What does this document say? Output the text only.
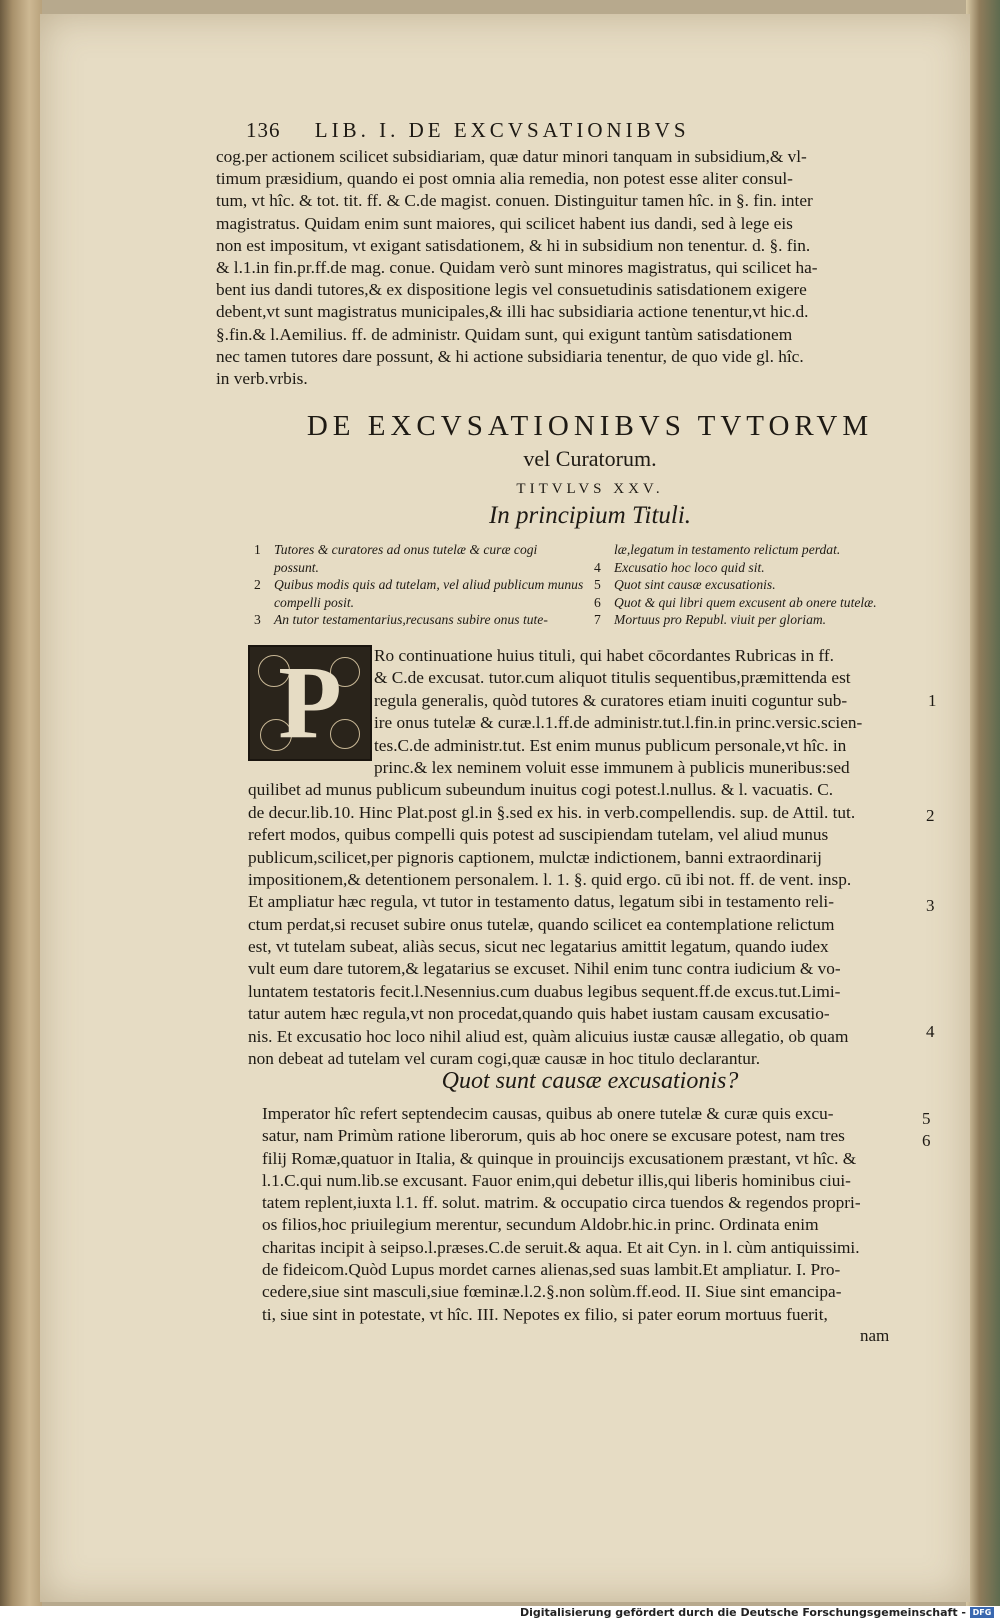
136 LIB. I. DE EXCVSATIONIBVS
cog.per actionem scilicet subsidiariam, quæ datur minori tanquam in subsidium,& vl-
timum præsidium, quando ei post omnia alia remedia, non potest esse aliter consul-
tum, vt hîc. & tot. tit. ff. & C.de magist. conuen. Distinguitur tamen hîc. in §. fin. inter
magistratus. Quidam enim sunt maiores, qui scilicet habent ius dandi, sed à lege eis
non est impositum, vt exigant satisdationem, & hi in subsidium non tenentur. d. §. fin.
& l.1.in fin.pr.ff.de mag. conue. Quidam verò sunt minores magistratus, qui scilicet ha-
bent ius dandi tutores,& ex dispositione legis vel consuetudinis satisdationem exigere
debent,vt sunt magistratus municipales,& illi hac subsidiaria actione tenentur,vt hic.d.
§.fin.& l.Aemilius. ff. de administr. Quidam sunt, qui exigunt tantùm satisdationem
nec tamen tutores dare possunt, & hi actione subsidiaria tenentur, de quo vide gl. hîc.
in verb.vrbis.
DE EXCVSATIONIBVS TVTORVM
vel Curatorum.
TITVLVS XXV.
In principium Tituli.
1 Tutores & curatores ad onus tutelæ & curæ cogi possunt.
2 Quibus modis quis ad tutelam, vel aliud publicum munus compelli posit.
3 An tutor testamentarius,recusans subire onus tute-
læ,legatum in testamento relictum perdat.
4 Excusatio hoc loco quid sit.
5 Quot sint causæ excusationis.
6 Quot & qui libri quem excusent ab onere tutelæ.
7 Mortuus pro Republ. viuit per gloriam.
P	Ro continuatione huius tituli, qui habet cōcordantes Rubricas in ff.
& C.de excusat. tutor.cum aliquot titulis sequentibus,præmittenda est
regula generalis, quòd tutores & curatores etiam inuiti coguntur sub-
ire onus tutelæ & curæ.l.1.ff.de administr.tut.l.fin.in princ.versic.scien-
tes.C.de administr.tut. Est enim munus publicum personale,vt hîc. in
princ.& lex neminem voluit esse immunem à publicis muneribus:sed
quilibet ad munus publicum subeundum inuitus cogi potest.l.nullus. & l. vacuatis. C.
de decur.lib.10. Hinc Plat.post gl.in §.sed ex his. in verb.compellendis. sup. de Attil. tut.
refert modos, quibus compelli quis potest ad suscipiendam tutelam, vel aliud munus
publicum,scilicet,per pignoris captionem, mulctæ indictionem, banni extraordinarij
impositionem,& detentionem personalem. l. 1. §. quid ergo. cū ibi not. ff. de vent. insp.
Et ampliatur hæc regula, vt tutor in testamento datus, legatum sibi in testamento reli-
ctum perdat,si recuset subire onus tutelæ, quando scilicet ea contemplatione relictum
est, vt tutelam subeat, aliàs secus, sicut nec legatarius amittit legatum, quando iudex
vult eum dare tutorem,& legatarius se excuset. Nihil enim tunc contra iudicium & vo-
luntatem testatoris fecit.l.Nesennius.cum duabus legibus sequent.ff.de excus.tut.Limi-
tatur autem hæc regula,vt non procedat,quando quis habet iustam causam excusatio-
nis. Et excusatio hoc loco nihil aliud est, quàm alicuius iustæ causæ allegatio, ob quam
non debeat ad tutelam vel curam cogi,quæ causæ in hoc titulo declarantur.
Quot sunt causæ excusationis?
Imperator hîc refert septendecim causas, quibus ab onere tutelæ & curæ quis excu-
satur, nam Primùm ratione liberorum, quis ab hoc onere se excusare potest, nam tres
filij Romæ,quatuor in Italia, & quinque in prouincijs excusationem præstant, vt hîc. &
l.1.C.qui num.lib.se excusant. Fauor enim,qui debetur illis,qui liberis hominibus ciui-
tatem replent,iuxta l.1. ff. solut. matrim. & occupatio circa tuendos & regendos propri-
os filios,hoc priuilegium merentur, secundum Aldobr.hic.in princ. Ordinata enim
charitas incipit à seipso.l.præses.C.de seruit.& aqua. Et ait Cyn. in l. cùm antiquissimi.
de fideicom.Quòd Lupus mordet carnes alienas,sed suas lambit.Et ampliatur. I. Pro-
cedere,siue sint masculi,siue fœminæ.l.2.§.non solùm.ff.eod. II. Siue sint emancipa-
ti, siue sint in potestate, vt hîc. III. Nepotes ex filio, si pater eorum mortuus fuerit,
1
2
3
4
5
6
nam
Digitalisierung gefördert durch die Deutsche Forschungsgemeinschaft - DFG
